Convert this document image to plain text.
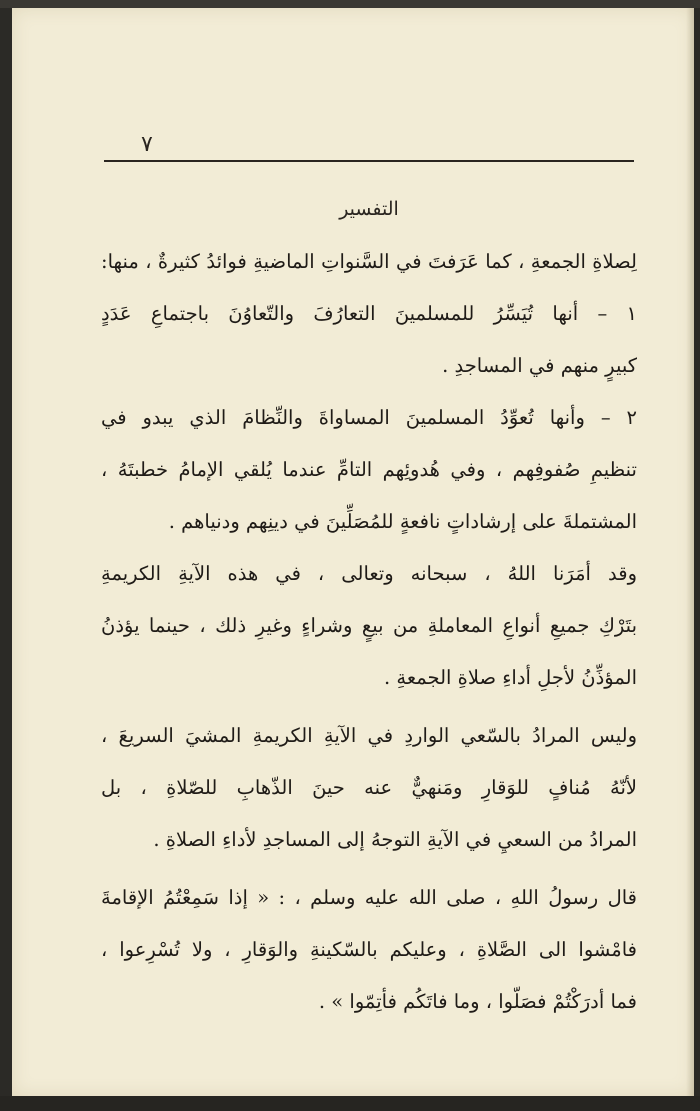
٧
التفسير
لِصلاةِ الجمعةِ ، كما عَرَفتَ في السَّنواتِ الماضيةِ فوائدُ كثيرةٌ ، منها:
١ – أنها تُيَسِّرُ للمسلمينَ التعارُفَ والتّعاوُنَ باجتماعِ عَدَدٍ
كبيرٍ منهم في المساجدِ .
٢ – وأنها تُعوِّدُ المسلمينَ المساواةَ والنِّظامَ الذي يبدو في
تنظيمِ صُفوفِهم ، وفي هُدوئِهم التامِّ عندما يُلقي الإمامُ خطبتَهُ ،
المشتملةَ على إرشاداتٍ نافعةٍ للمُصَلِّينَ في دينِهم ودنياهم .
وقد أمَرَنا اللهُ ، سبحانه وتعالى ، في هذه الآيةِ الكريمةِ
بتَرْكِ جميعِ أنواعِ المعاملةِ من بيعٍ وشراءٍ وغيرِ ذلك ، حينما يؤذنُ
المؤذِّنُ لأجلِ أداءِ صلاةِ الجمعةِ .
وليس المرادُ بالسّعي الواردِ في الآيةِ الكريمةِ المشيَ السريعَ ،
لأنّهُ مُنافٍ للوَقارِ ومَنهيٌّ عنه حينَ الذّهابِ للصّلاةِ ، بل
المرادُ من السعيِ في الآيةِ التوجهُ إلى المساجدِ لأداءِ الصلاةِ .
قال رسولُ اللهِ ، صلى الله عليه وسلم ، : « إذا سَمِعْتُمُ الإقامةَ
فامْشوا الى الصَّلاةِ ، وعليكم بالسّكينةِ والوَقارِ ، ولا تُسْرِعوا ،
فما أدرَكْتُمْ فصَلّوا ، وما فاتَكُم فأتِمّوا » .
